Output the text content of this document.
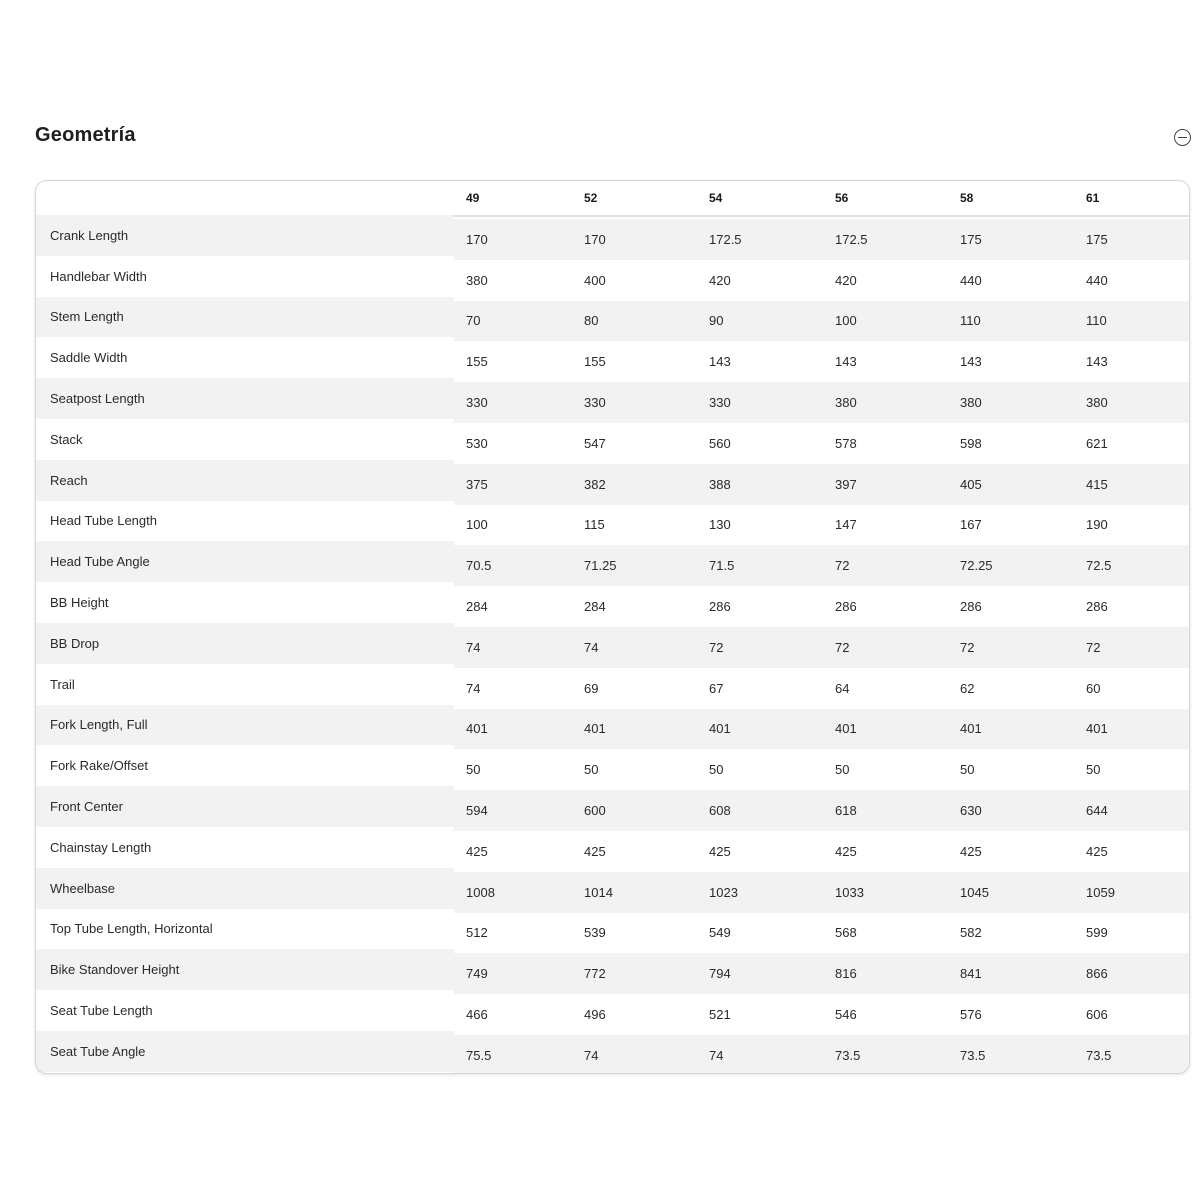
Geometría
	49	52	54	56	58	61
Crank Length	170	170	172.5	172.5	175	175
Handlebar Width	380	400	420	420	440	440
Stem Length	70	80	90	100	110	110
Saddle Width	155	155	143	143	143	143
Seatpost Length	330	330	330	380	380	380
Stack	530	547	560	578	598	621
Reach	375	382	388	397	405	415
Head Tube Length	100	115	130	147	167	190
Head Tube Angle	70.5	71.25	71.5	72	72.25	72.5
BB Height	284	284	286	286	286	286
BB Drop	74	74	72	72	72	72
Trail	74	69	67	64	62	60
Fork Length, Full	401	401	401	401	401	401
Fork Rake/Offset	50	50	50	50	50	50
Front Center	594	600	608	618	630	644
Chainstay Length	425	425	425	425	425	425
Wheelbase	1008	1014	1023	1033	1045	1059
Top Tube Length, Horizontal	512	539	549	568	582	599
Bike Standover Height	749	772	794	816	841	866
Seat Tube Length	466	496	521	546	576	606
Seat Tube Angle	75.5	74	74	73.5	73.5	73.5
